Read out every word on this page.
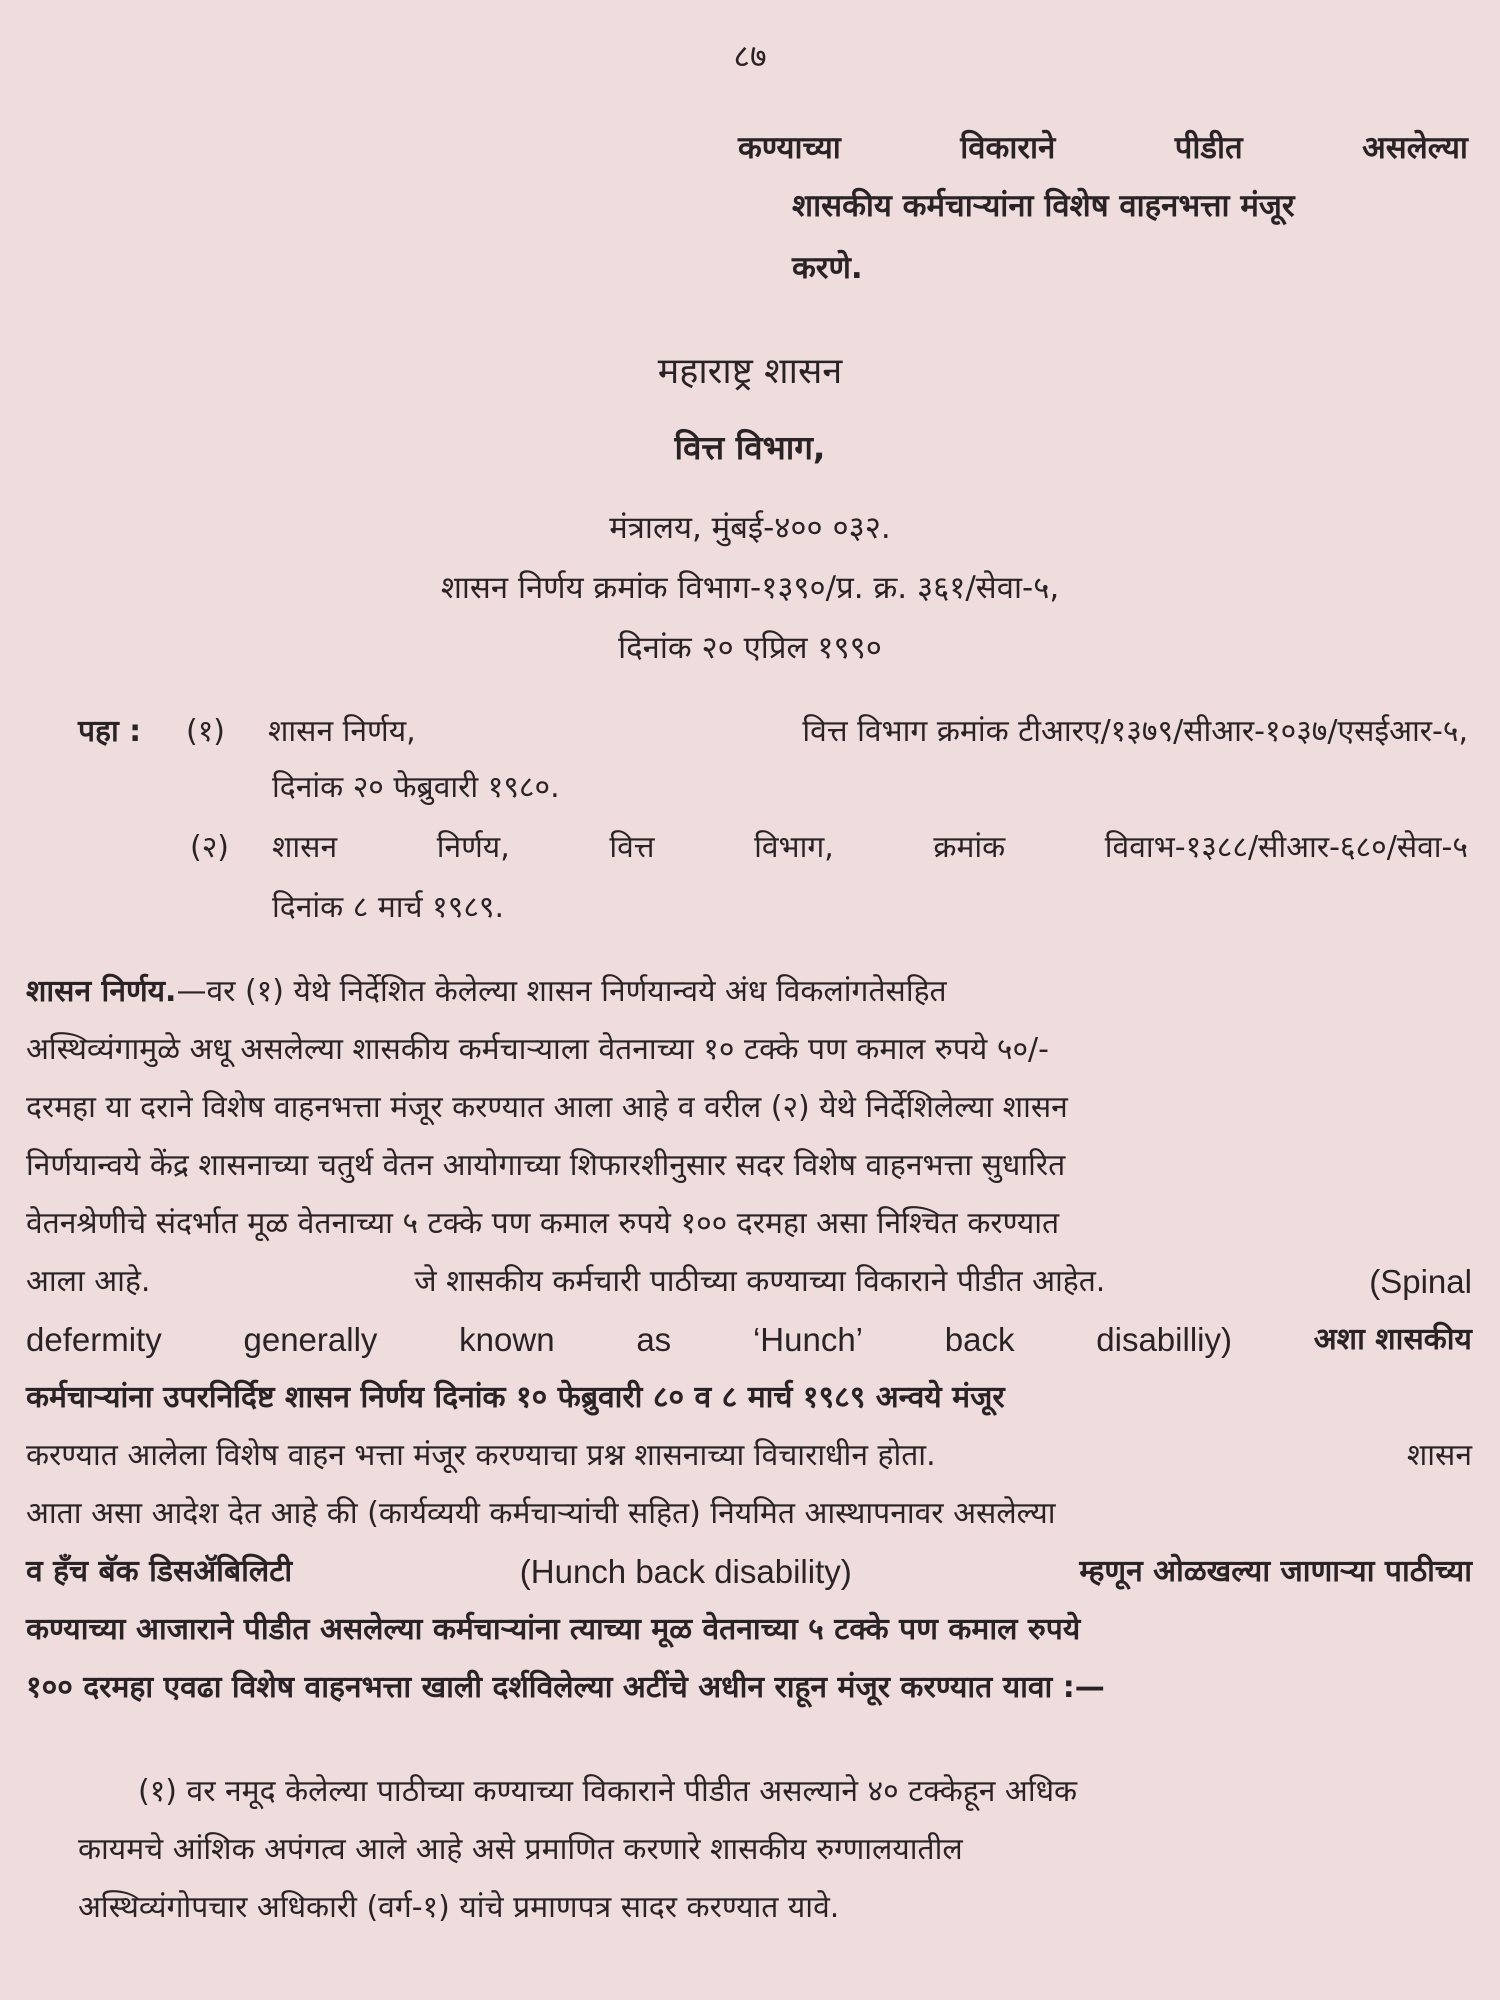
८७
कण्याच्या	विकाराने	पीडीत	असलेल्या
शासकीय कर्मचाऱ्यांना विशेष वाहनभत्ता मंजूर
करणे.
महाराष्ट्र शासन
वित्त विभाग,
मंत्रालय, मुंबई-४०० ०३२.
शासन निर्णय क्रमांक विभाग-१३९०/प्र. क्र. ३६१/सेवा-५,
दिनांक २० एप्रिल १९९०
पहा : (१) शासन निर्णय,	वित्त विभाग क्रमांक टीआरए/१३७९/सीआर-१०३७/एसईआर-५,
दिनांक २० फेब्रुवारी १९८०.
(२) शासन	निर्णय,	वित्त	विभाग,	क्रमांक	विवाभ-१३८८/सीआर-६८०/सेवा-५
दिनांक ८ मार्च १९८९.
शासन निर्णय.—वर (१) येथे निर्देशित केलेल्या शासन निर्णयान्वये अंध विकलांगतेसहित
अस्थिव्यंगामुळे अधू असलेल्या शासकीय कर्मचाऱ्याला वेतनाच्या १० टक्के पण कमाल रुपये ५०/-
दरमहा या दराने विशेष वाहनभत्ता मंजूर करण्यात आला आहे व वरील (२) येथे निर्देशिलेल्या शासन
निर्णयान्वये केंद्र शासनाच्या चतुर्थ वेतन आयोगाच्या शिफारशीनुसार सदर विशेष वाहनभत्ता सुधारित
वेतनश्रेणीचे संदर्भात मूळ वेतनाच्या ५ टक्के पण कमाल रुपये १०० दरमहा असा निश्चित करण्यात
आला आहे.	जे शासकीय कर्मचारी पाठीच्या कण्याच्या विकाराने पीडीत आहेत.	(Spinal
defermity generally known as ‘Hunch’ back disabilliy)	अशा शासकीय
कर्मचाऱ्यांना उपरनिर्दिष्ट शासन निर्णय दिनांक १० फेब्रुवारी ८० व ८ मार्च १९८९ अन्वये मंजूर
करण्यात आलेला विशेष वाहन भत्ता मंजूर करण्याचा प्रश्न शासनाच्या विचाराधीन होता.	शासन
आता असा आदेश देत आहे की (कार्यव्ययी कर्मचाऱ्यांची सहित) नियमित आस्थापनावर असलेल्या
व हँच बॅक डिसॲबिलिटी	(Hunch back disability)	म्हणून ओळखल्या जाणाऱ्या पाठीच्या
कण्याच्या आजाराने पीडीत असलेल्या कर्मचाऱ्यांना त्याच्या मूळ वेतनाच्या ५ टक्के पण कमाल रुपये
१०० दरमहा एवढा विशेष वाहनभत्ता खाली दर्शविलेल्या अटींचे अधीन राहून मंजूर करण्यात यावा :—
(१) वर नमूद केलेल्या पाठीच्या कण्याच्या विकाराने पीडीत असल्याने ४० टक्केहून अधिक
कायमचे आंशिक अपंगत्व आले आहे असे प्रमाणित करणारे शासकीय रुग्णालयातील
अस्थिव्यंगोपचार अधिकारी (वर्ग-१) यांचे प्रमाणपत्र सादर करण्यात यावे.
